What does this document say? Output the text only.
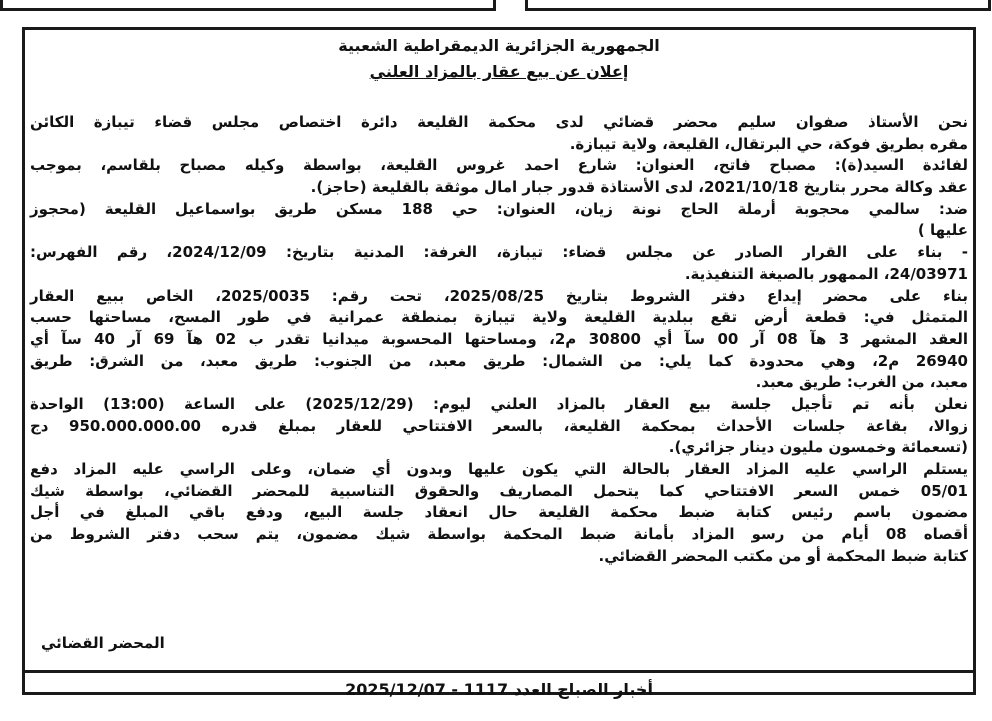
الجمهورية الجزائرية الديمقراطية الشعبية
إعلان عن بيع عقار بالمزاد العلني
نحن الأستاذ صفوان سليم محضر قضائي لدى محكمة القليعة دائرة اختصاص مجلس قضاء تيبازة الكائن
مقره بطريق فوكة، حي البرتقال، القليعة، ولاية تيبازة.
لفائدة السيد(ة): مصباح فاتح، العنوان: شارع احمد غروس القليعة، بواسطة وكيله مصباح بلقاسم، بموجب
عقد وكالة محرر بتاريخ 2021/10/18، لدى الأستاذة قدور جبار امال موثقة بالقليعة (حاجز).
ضد: سالمي محجوبة أرملة الحاج نونة زيان، العنوان: حي 188 مسكن طريق بواسماعيل القليعة (محجوز
عليها )
- بناء على القرار الصادر عن مجلس قضاء: تيبازة، الغرفة: المدنية بتاريخ: 2024/12/09، رقم الفهرس:
24/03971، الممهور بالصيغة التنفيذية.
بناء على محضر إيداع دفتر الشروط بتاريخ 2025/08/25، تحت رقم: 2025/0035، الخاص ببيع العقار
المتمثل في: قطعة أرض تقع ببلدية القليعة ولاية تيبازة بمنطقة عمرانية في طور المسح، مساحتها حسب
العقد المشهر 3 هآ 08 آر 00 سآ أي 30800 م2، ومساحتها المحسوبة ميدانيا تقدر ب 02 هآ 69 آر 40 سآ أي
26940 م2، وهي محدودة كما يلي: من الشمال: طريق معبد، من الجنوب: طريق معبد، من الشرق: طريق
معبد، من الغرب: طريق معبد.
نعلن بأنه تم تأجيل جلسة بيع العقار بالمزاد العلني ليوم: (2025/12/29) على الساعة (13:00) الواحدة
زوالا، بقاعة جلسات الأحداث بمحكمة القليعة، بالسعر الافتتاحي للعقار بمبلغ قدره 950.000.000.00 دج
(تسعمائة وخمسون مليون دينار جزائري).
يستلم الراسي عليه المزاد العقار بالحالة التي يكون عليها وبدون أي ضمان، وعلى الراسي عليه المزاد دفع
05/01 خمس السعر الافتتاحي كما يتحمل المصاريف والحقوق التناسبية للمحضر القضائي، بواسطة شيك
مضمون باسم رئيس كتابة ضبط محكمة القليعة حال انعقاد جلسة البيع، ودفع باقي المبلغ في أجل
أقصاه 08 أيام من رسو المزاد بأمانة ضبط المحكمة بواسطة شيك مضمون، يتم سحب دفتر الشروط من
كتابة ضبط المحكمة أو من مكتب المحضر القضائي.
المحضر القضائي
أخبار الصباح العدد 1117 - 2025/12/07
